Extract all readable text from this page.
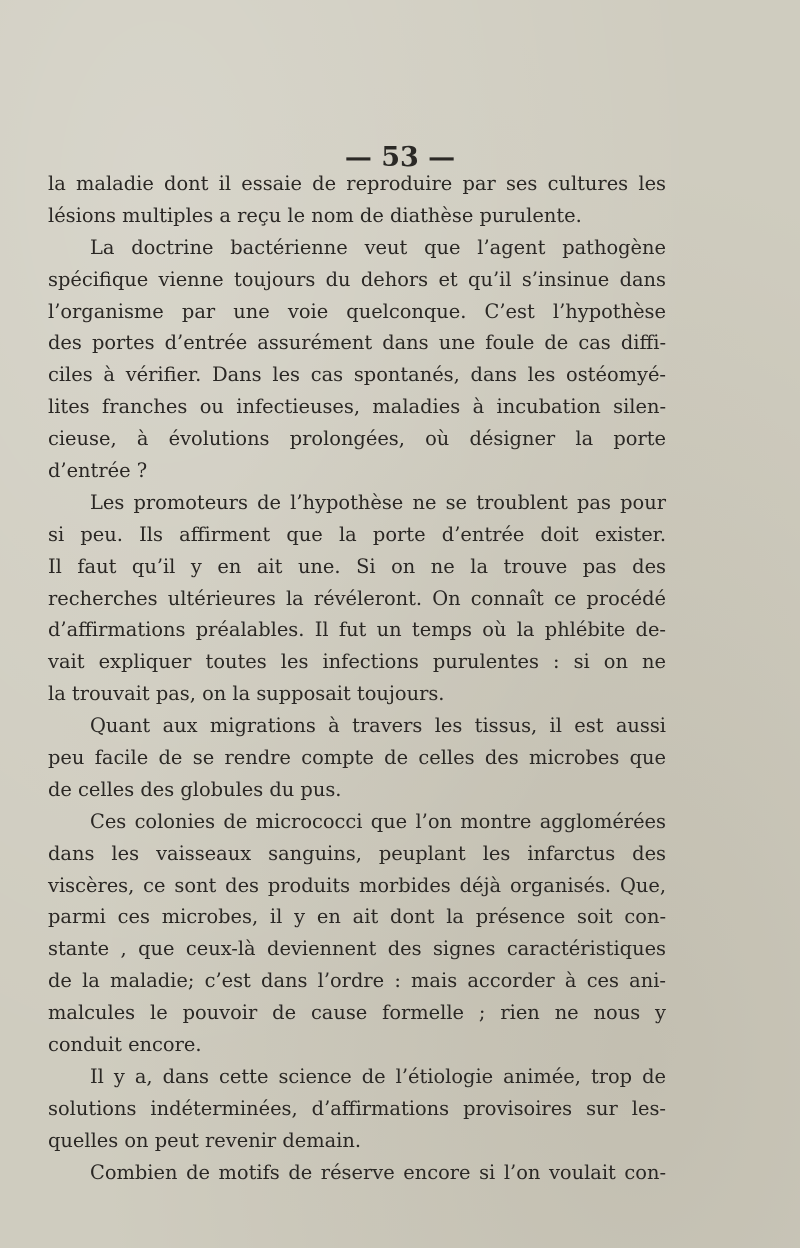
— 53 —
la maladie dont il essaie de reproduire par ses cultures les
lésions multiples a reçu le nom de diathèse purulente.
La doctrine bactérienne veut que l’agent pathogène
spécifique vienne toujours du dehors et qu’il s’insinue dans
l’organisme par une voie quelconque. C’est l’hypothèse
des portes d’entrée assurément dans une foule de cas diffi-
ciles à vérifier. Dans les cas spontanés, dans les ostéomyé-
lites franches ou infectieuses, maladies à incubation silen-
cieuse, à évolutions prolongées, où désigner la porte
d’entrée ?
Les promoteurs de l’hypothèse ne se troublent pas pour
si peu. Ils affirment que la porte d’entrée doit exister.
Il faut qu’il y en ait une. Si on ne la trouve pas des
recherches ultérieures la révéleront. On connaît ce procédé
d’affirmations préalables. Il fut un temps où la phlébite de-
vait expliquer toutes les infections purulentes : si on ne
la trouvait pas, on la supposait toujours.
Quant aux migrations à travers les tissus, il est aussi
peu facile de se rendre compte de celles des microbes que
de celles des globules du pus.
Ces colonies de micrococci que l’on montre agglomérées
dans les vaisseaux sanguins, peuplant les infarctus des
viscères, ce sont des produits morbides déjà organisés. Que,
parmi ces microbes, il y en ait dont la présence soit con-
stante , que ceux-là deviennent des signes caractéristiques
de la maladie; c’est dans l’ordre : mais accorder à ces ani-
malcules le pouvoir de cause formelle ; rien ne nous y
conduit encore.
Il y a, dans cette science de l’étiologie animée, trop de
solutions indéterminées, d’affirmations provisoires sur les-
quelles on peut revenir demain.
Combien de motifs de réserve encore si l’on voulait con-
